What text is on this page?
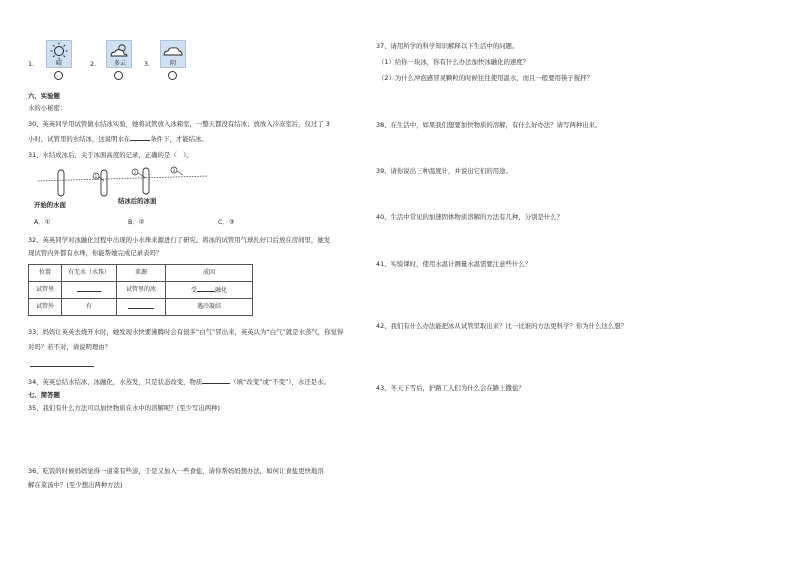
1.	晴	2.	多云	3.	阴
六、实验题
水的小秘密：
30、英英同学用试管做水结冰实验，她将试管放入冰箱室，一整天都没有结冰；放放入冷冻室后，仅过了 3
小时，试管里的水结冰，这说明水在	条件下，才能结冰。
31、水结成冰后，关于冰面高度的记录，正确的是（　）。
1
2	3
开始的水面	结冰后的冰面
A．①	B．②	C．③
32、英英同学对冰融化过程中出现的小水珠来源进行了研究。将冰的试管用气球扎好口后放在房间里，她发
现试管内外都有水珠，你能帮她完成记录表吗？
位置	有无水（水珠）	来源	成因
试管里		试管里的冰	受 融化
试管外	有		遇冷凝结
33、妈妈让英英去烧开水时，她发现水快要沸腾时会有很多“白气”冒出来，英英认为“白气”就是水蒸气，你觉得
对吗？若不对，请说明理由？
34、英英总结水结冰，冰融化，水蒸发，只是状态改变，物质	（填“改变”或“不变”），水还是水。
七、简答题
35、我们有什么方法可以加快物质在水中的溶解呢？(至少写出两种)
36、吃饭的时候妈妈觉得一道菜有些淡，于是又加入一些食盐，请你帮妈妈想办法，如何让食盐更快地溶
解在菜汤中？(至少想出两种方法)
37、请用所学的科学知识解释以下生活中的问题。
（1）给你一块冰，你有什么办法加快冰融化的速度？
（2）为什么冲泡感冒灵颗粒的时候往往使用温水，而且一般要用筷子搅拌？
38、在生活中，如果我们想要加快物质的溶解，有什么好办法？请写两种出来。
39、请你说出三种温度计，并说出它们的用途。
40、生活中常见的加速固体物质溶解的方法有几种，分别是什么？
41、实验课时，使用水温计测量水温需要注意些什么？
42、我们有什么办法能把冰从试管里取出来？比一比谁的方法更科学？你为什么这么想？
43、冬天下雪后，护路工人们为什么会在路上撒盐？
